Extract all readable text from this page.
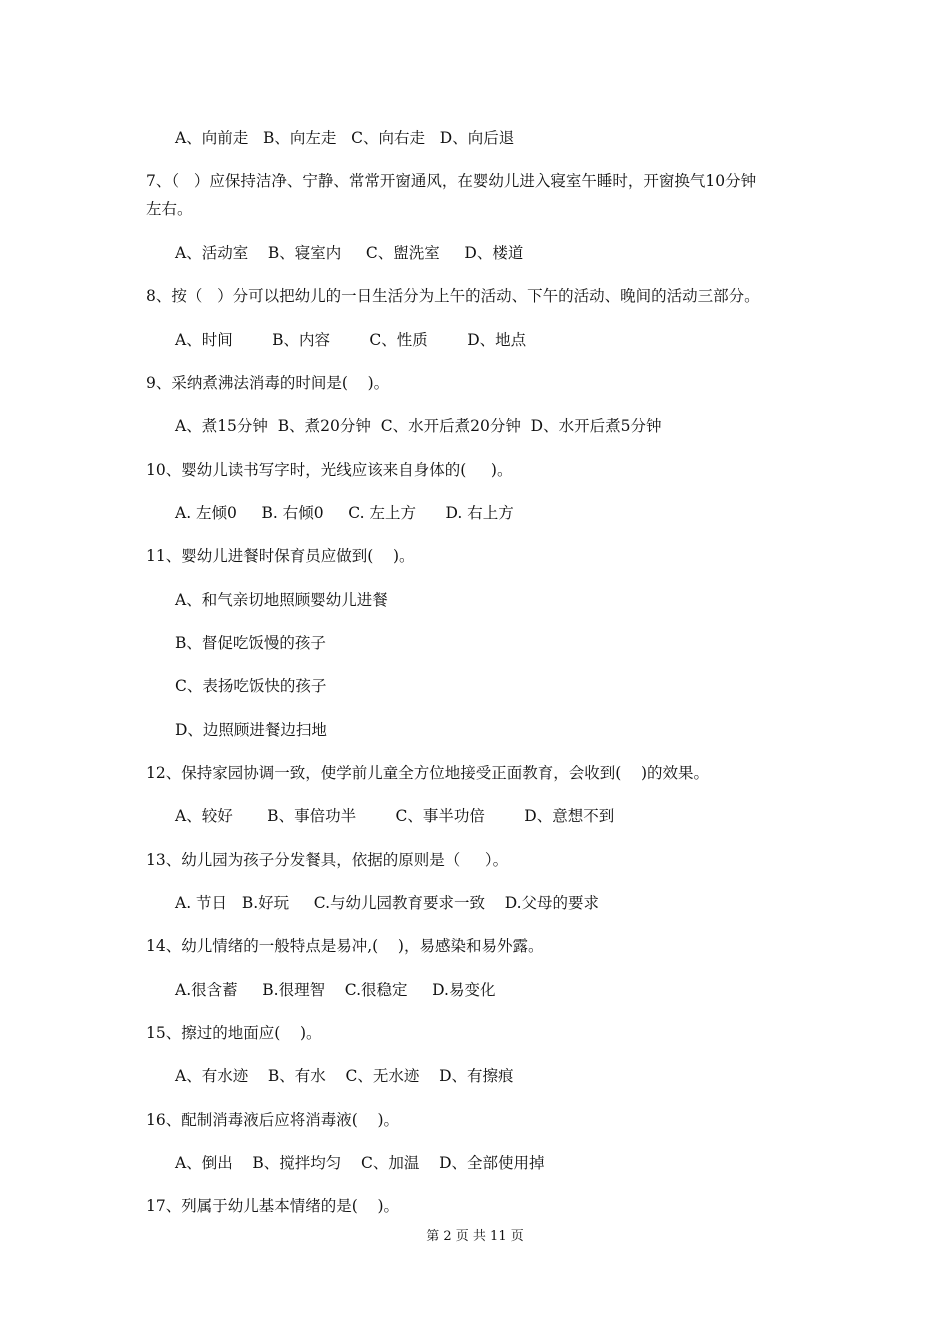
A、向前走   B、向左走   C、向右走   D、向后退
7、（   ）应保持洁净、宁静、常常开窗通风，在婴幼儿进入寝室午睡时，开窗换气10分钟
左右。
A、活动室    B、寝室内     C、盥洗室     D、楼道
8、按（   ）分可以把幼儿的一日生活分为上午的活动、下午的活动、晚间的活动三部分。
A、时间        B、内容        C、性质        D、地点
9、采纳煮沸法消毒的时间是(    )。
A、煮15分钟  B、煮20分钟  C、水开后煮20分钟  D、水开后煮5分钟
10、婴幼儿读书写字时，光线应该来自身体的(     )。
A. 左倾0     B. 右倾0     C. 左上方      D. 右上方
11、婴幼儿进餐时保育员应做到(    )。
A、和气亲切地照顾婴幼儿进餐
B、督促吃饭慢的孩子
C、表扬吃饭快的孩子
D、边照顾进餐边扫地
12、保持家园协调一致，使学前儿童全方位地接受正面教育，会收到(    )的效果。
A、较好       B、事倍功半        C、事半功倍        D、意想不到
13、幼儿园为孩子分发餐具，依据的原则是（     ）。
A. 节日   B.好玩     C.与幼儿园教育要求一致    D.父母的要求
14、幼儿情绪的一般特点是易冲,(    )，易感染和易外露。
A.很含蓄     B.很理智    C.很稳定     D.易变化
15、擦过的地面应(    )。
A、有水迹    B、有水    C、无水迹    D、有擦痕
16、配制消毒液后应将消毒液(    )。
A、倒出    B、搅拌均匀    C、加温    D、全部使用掉
17、列属于幼儿基本情绪的是(    )。
第 2 页 共 11 页
